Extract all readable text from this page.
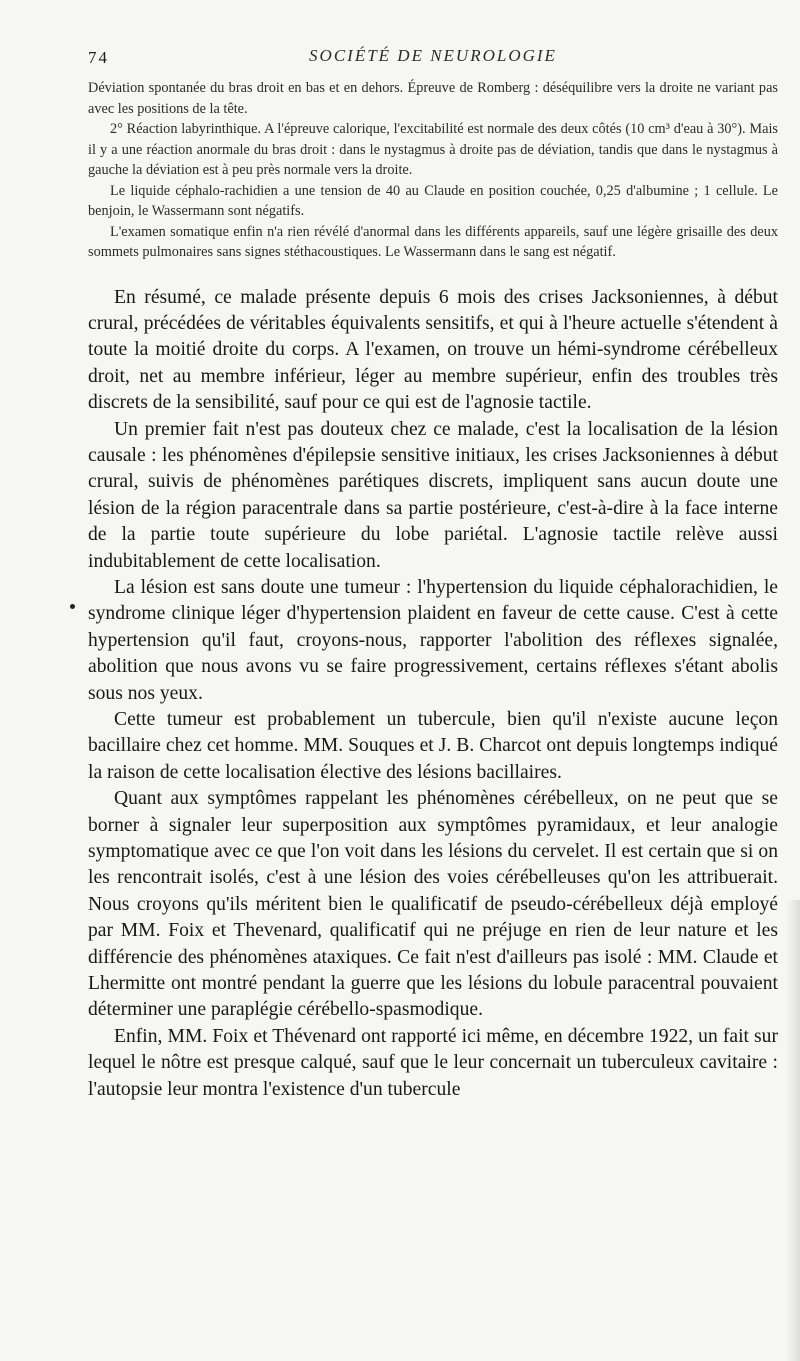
74	SOCIÉTÉ DE NEUROLOGIE

Déviation spontanée du bras droit en bas et en dehors. Épreuve de Romberg : déséquilibre vers la droite ne variant pas avec les positions de la tête.

2° Réaction labyrinthique. A l'épreuve calorique, l'excitabilité est normale des deux côtés (10 cm³ d'eau à 30°). Mais il y a une réaction anormale du bras droit : dans le nystagmus à droite pas de déviation, tandis que dans le nystagmus à gauche la déviation est à peu près normale vers la droite.

Le liquide céphalo-rachidien a une tension de 40 au Claude en position couchée, 0,25 d'albumine ; 1 cellule. Le benjoin, le Wassermann sont négatifs.

L'examen somatique enfin n'a rien révélé d'anormal dans les différents appareils, sauf une légère grisaille des deux sommets pulmonaires sans signes stéthacoustiques. Le Wassermann dans le sang est négatif.

En résumé, ce malade présente depuis 6 mois des crises Jacksoniennes, à début crural, précédées de véritables équivalents sensitifs, et qui à l'heure actuelle s'étendent à toute la moitié droite du corps. A l'examen, on trouve un hémi-syndrome cérébelleux droit, net au membre inférieur, léger au membre supérieur, enfin des troubles très discrets de la sensibilité, sauf pour ce qui est de l'agnosie tactile.

Un premier fait n'est pas douteux chez ce malade, c'est la localisation de la lésion causale : les phénomènes d'épilepsie sensitive initiaux, les crises Jacksoniennes à début crural, suivis de phénomènes parétiques discrets, impliquent sans aucun doute une lésion de la région paracentrale dans sa partie postérieure, c'est-à-dire à la face interne de la partie toute supérieure du lobe pariétal. L'agnosie tactile relève aussi indubitablement de cette localisation.

La lésion est sans doute une tumeur : l'hypertension du liquide céphalorachidien, le syndrome clinique léger d'hypertension plaident en faveur de cette cause. C'est à cette hypertension qu'il faut, croyons-nous, rapporter l'abolition des réflexes signalée, abolition que nous avons vu se faire progressivement, certains réflexes s'étant abolis sous nos yeux.

Cette tumeur est probablement un tubercule, bien qu'il n'existe aucune leçon bacillaire chez cet homme. MM. Souques et J. B. Charcot ont depuis longtemps indiqué la raison de cette localisation élective des lésions bacillaires.

Quant aux symptômes rappelant les phénomènes cérébelleux, on ne peut que se borner à signaler leur superposition aux symptômes pyramidaux, et leur analogie symptomatique avec ce que l'on voit dans les lésions du cervelet. Il est certain que si on les rencontrait isolés, c'est à une lésion des voies cérébelleuses qu'on les attribuerait. Nous croyons qu'ils méritent bien le qualificatif de pseudo-cérébelleux déjà employé par MM. Foix et Thevenard, qualificatif qui ne préjuge en rien de leur nature et les différencie des phénomènes ataxiques. Ce fait n'est d'ailleurs pas isolé : MM. Claude et Lhermitte ont montré pendant la guerre que les lésions du lobule paracentral pouvaient déterminer une paraplégie cérébello-spasmodique.

Enfin, MM. Foix et Thévenard ont rapporté ici même, en décembre 1922, un fait sur lequel le nôtre est presque calqué, sauf que le leur concernait un tuberculeux cavitaire : l'autopsie leur montra l'existence d'un tubercule
